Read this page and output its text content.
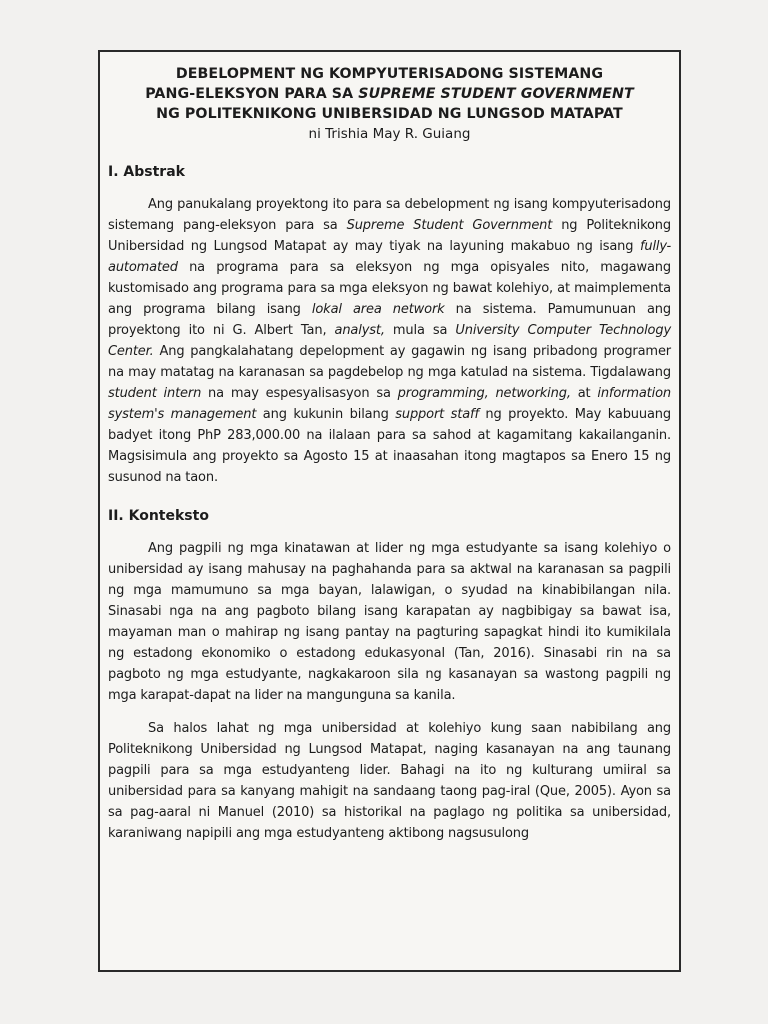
DEBELOPMENT NG KOMPYUTERISADONG SISTEMANG
PANG-ELEKSYON PARA SA SUPREME STUDENT GOVERNMENT
NG POLITEKNIKONG UNIBERSIDAD NG LUNGSOD MATAPAT
ni Trishia May R. Guiang
I. Abstrak

Ang panukalang proyektong ito para sa debelopment ng isang kompyuterisadong sistemang pang-eleksyon para sa Supreme Student Government ng Politeknikong Unibersidad ng Lungsod Matapat ay may tiyak na layuning makabuo ng isang fully-automated na programa para sa eleksyon ng mga opisyales nito, magawang kustomisado ang programa para sa mga eleksyon ng bawat kolehiyo, at maimplementa ang programa bilang isang lokal area network na sistema. Pamumunuan ang proyektong ito ni G. Albert Tan, analyst, mula sa University Computer Technology Center. Ang pangkalahatang depelopment ay gagawin ng isang pribadong programer na may matatag na karanasan sa pagdebelop ng mga katulad na sistema. Tigdalawang student intern na may espesyalisasyon sa programming, networking, at information system's management ang kukunin bilang support staff ng proyekto. May kabuuang badyet itong PhP 283,000.00 na ilalaan para sa sahod at kagamitang kakailanganin. Magsisimula ang proyekto sa Agosto 15 at inaasahan itong magtapos sa Enero 15 ng susunod na taon.

II. Konteksto

Ang pagpili ng mga kinatawan at lider ng mga estudyante sa isang kolehiyo o unibersidad ay isang mahusay na paghahanda para sa aktwal na karanasan sa pagpili ng mga mamumuno sa mga bayan, lalawigan, o syudad na kinabibilangan nila. Sinasabi nga na ang pagboto bilang isang karapatan ay nagbibigay sa bawat isa, mayaman man o mahirap ng isang pantay na pagturing sapagkat hindi ito kumikilala ng estadong ekonomiko o estadong edukasyonal (Tan, 2016). Sinasabi rin na sa pagboto ng mga estudyante, nagkakaroon sila ng kasanayan sa wastong pagpili ng mga karapat-dapat na lider na mangunguna sa kanila.

Sa halos lahat ng mga unibersidad at kolehiyo kung saan nabibilang ang Politeknikong Unibersidad ng Lungsod Matapat, naging kasanayan na ang taunang pagpili para sa mga estudyanteng lider. Bahagi na ito ng kulturang umiiral sa unibersidad para sa kanyang mahigit na sandaang taong pag-iral (Que, 2005). Ayon sa sa pag-aaral ni Manuel (2010) sa historikal na paglago ng politika sa unibersidad, karaniwang napipili ang mga estudyanteng aktibong nagsusulong
